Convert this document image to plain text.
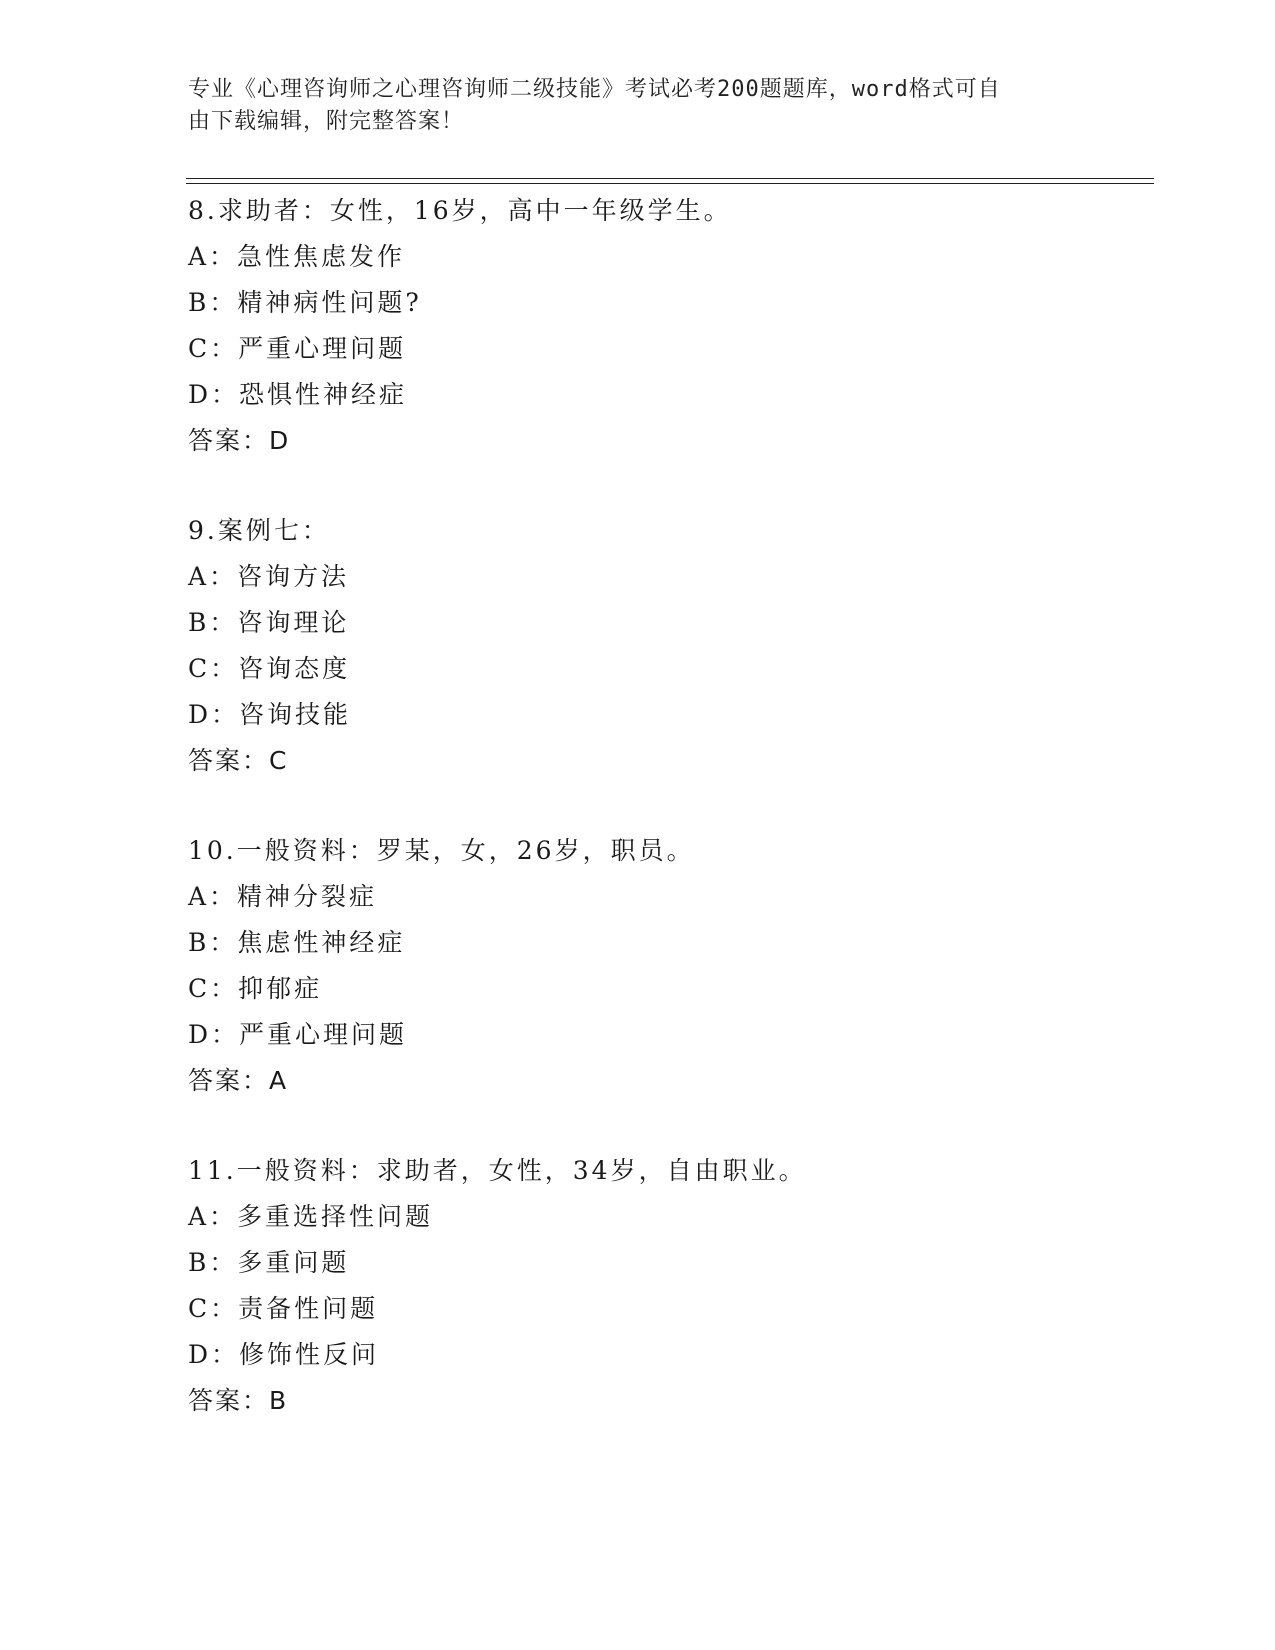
专业《心理咨询师之心理咨询师二级技能》考试必考200题题库，word格式可自
由下载编辑，附完整答案！
8.求助者：女性，16岁，高中一年级学生。
A：急性焦虑发作
B：精神病性问题?
C：严重心理问题
D：恐惧性神经症
答案：D
9.案例七：
A：咨询方法
B：咨询理论
C：咨询态度
D：咨询技能
答案：C
10.一般资料：罗某，女，26岁，职员。
A：精神分裂症
B：焦虑性神经症
C：抑郁症
D：严重心理问题
答案：A
11.一般资料：求助者，女性，34岁，自由职业。
A：多重选择性问题
B：多重问题
C：责备性问题
D：修饰性反问
答案：B
